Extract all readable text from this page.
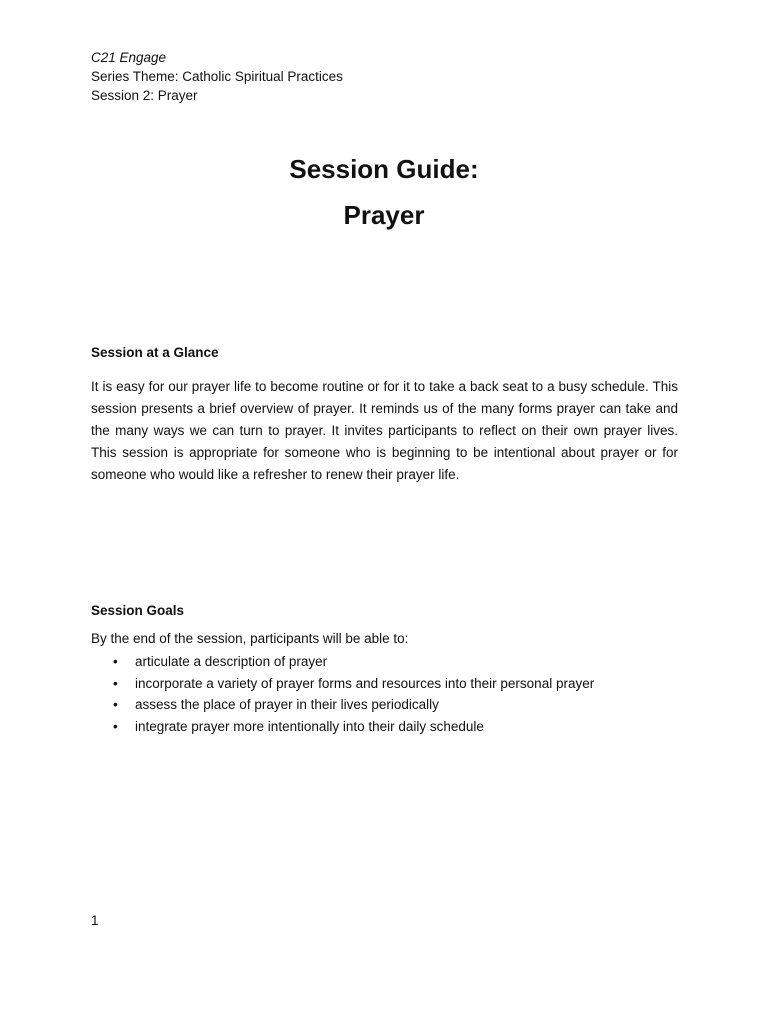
C21 Engage
Series Theme: Catholic Spiritual Practices
Session 2: Prayer
Session Guide:
Prayer
Session at a Glance
It is easy for our prayer life to become routine or for it to take a back seat to a busy schedule. This session presents a brief overview of prayer. It reminds us of the many forms prayer can take and the many ways we can turn to prayer. It invites participants to reflect on their own prayer lives. This session is appropriate for someone who is beginning to be intentional about prayer or for someone who would like a refresher to renew their prayer life.
Session Goals
By the end of the session, participants will be able to:
• articulate a description of prayer
• incorporate a variety of prayer forms and resources into their personal prayer
• assess the place of prayer in their lives periodically
• integrate prayer more intentionally into their daily schedule
1
